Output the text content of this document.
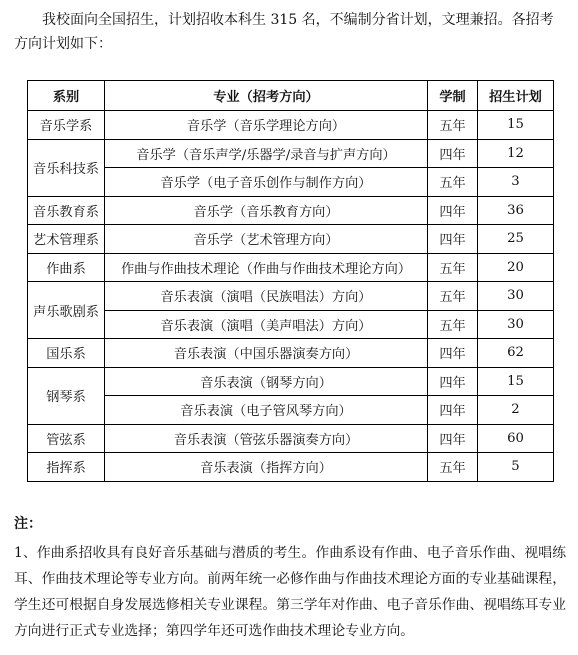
我校面向全国招生，计划招收本科生 315 名，不编制分省计划，文理兼招。各招考方向计划如下：

系别	专业（招考方向）	学制	招生计划
音乐学系	音乐学（音乐学理论方向）	五年	15
音乐科技系	音乐学（音乐声学/乐器学/录音与扩声方向）	四年	12
	音乐学（电子音乐创作与制作方向）	五年	3
音乐教育系	音乐学（音乐教育方向）	四年	36
艺术管理系	音乐学（艺术管理方向）	四年	25
作曲系	作曲与作曲技术理论（作曲与作曲技术理论方向）	五年	20
声乐歌剧系	音乐表演（演唱（民族唱法）方向）	五年	30
	音乐表演（演唱（美声唱法）方向）	五年	30
国乐系	音乐表演（中国乐器演奏方向）	四年	62
钢琴系	音乐表演（钢琴方向）	四年	15
	音乐表演（电子管风琴方向）	四年	2
管弦系	音乐表演（管弦乐器演奏方向）	四年	60
指挥系	音乐表演（指挥方向）	五年	5
注：

1、作曲系招收具有良好音乐基础与潜质的考生。作曲系设有作曲、电子音乐作曲、视唱练耳、作曲技术理论等专业方向。前两年统一必修作曲与作曲技术理论方面的专业基础课程，学生还可根据自身发展选修相关专业课程。第三学年对作曲、电子音乐作曲、视唱练耳专业方向进行正式专业选择；第四学年还可选作曲技术理论专业方向。
